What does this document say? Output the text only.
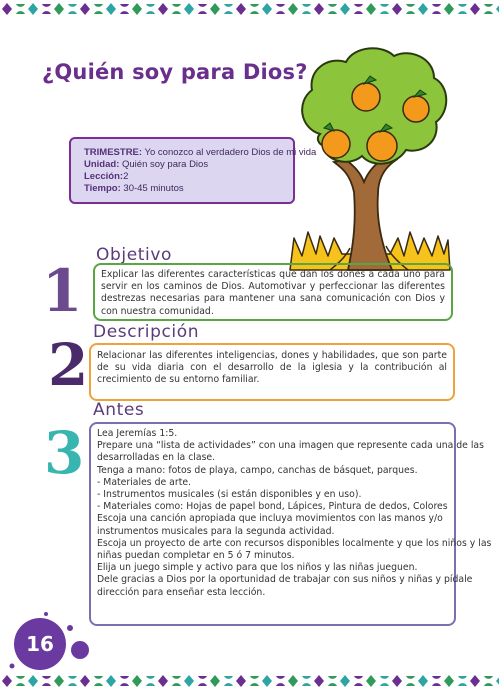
¿Quién soy para Dios?
TRIMESTRE: Yo conozco al verdadero Dios de mi vida
Unidad: Quién soy para Dios
Lección:2
Tiempo: 30-45 minutos
1
Objetivo

Explicar las diferentes características que dan los dones a cada uno para servir en los caminos de Dios. Automotivar y perfeccionar las diferentes destrezas necesarias para mantener una sana comunicación con Dios y con nuestra comunidad.

2 Descripción

Relacionar las diferentes inteligencias, dones y habilidades, que son parte de su vida diaria con el desarrollo de la iglesia y la contribución al crecimiento de su entorno familiar.

3
Antes
Lea Jeremías 1:5.
Prepare una “lista de actividades” con una imagen que represente cada una de las
desarrolladas en la clase.
Tenga a mano: fotos de playa, campo, canchas de básquet, parques.
- Materiales de arte.
- Instrumentos musicales (si están disponibles y en uso).
- Materiales como: Hojas de papel bond, Lápices, Pintura de dedos, Colores
Escoja una canción apropiada que incluya movimientos con las manos y/o
instrumentos musicales para la segunda actividad.
Escoja un proyecto de arte con recursos disponibles localmente y que los niños y las
niñas puedan completar en 5 ó 7 minutos.
Elija un juego simple y activo para que los niños y las niñas jueguen.
Dele gracias a Dios por la oportunidad de trabajar con sus niños y niñas y pídale
dirección para enseñar esta lección.
16
